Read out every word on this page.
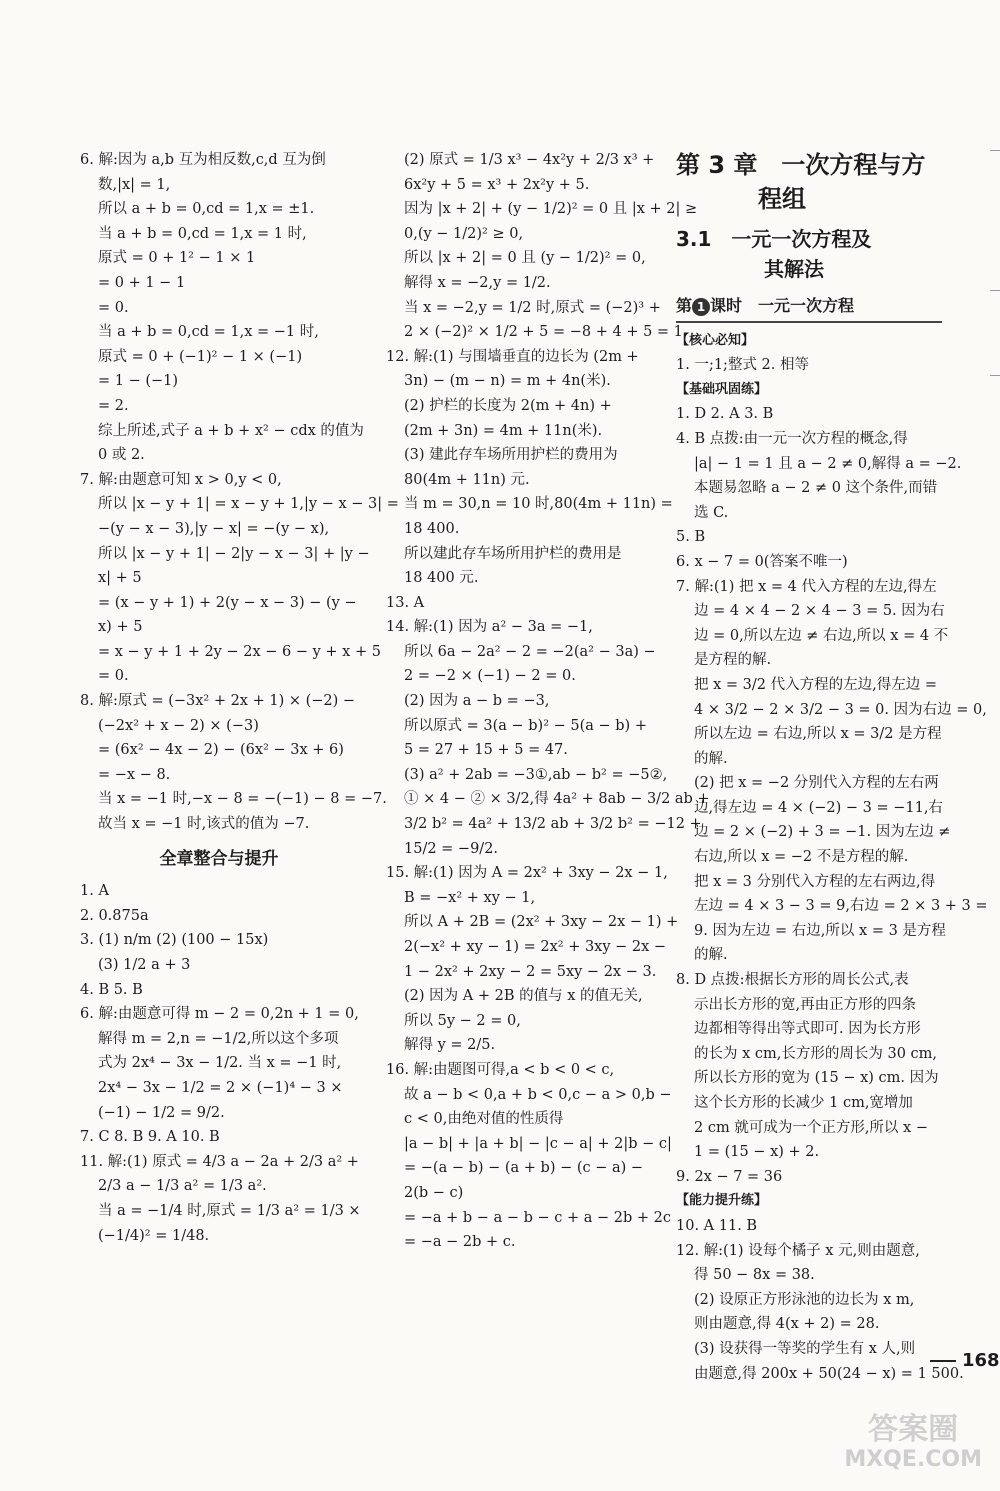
6. 解:因为 a,b 互为相反数,c,d 互为倒
数,|x| = 1,
所以 a + b = 0,cd = 1,x = ±1.
当 a + b = 0,cd = 1,x = 1 时,
原式 = 0 + 1² − 1 × 1
= 0 + 1 − 1
= 0.
当 a + b = 0,cd = 1,x = −1 时,
原式 = 0 + (−1)² − 1 × (−1)
= 1 − (−1)
= 2.
综上所述,式子 a + b + x² − cdx 的值为
0 或 2.
7. 解:由题意可知 x > 0,y < 0,
所以 |x − y + 1| = x − y + 1,|y − x − 3| =
−(y − x − 3),|y − x| = −(y − x),
所以 |x − y + 1| − 2|y − x − 3| + |y −
x| + 5
= (x − y + 1) + 2(y − x − 3) − (y −
x) + 5
= x − y + 1 + 2y − 2x − 6 − y + x + 5
= 0.
8. 解:原式 = (−3x² + 2x + 1) × (−2) −
(−2x² + x − 2) × (−3)
= (6x² − 4x − 2) − (6x² − 3x + 6)
= −x − 8.
当 x = −1 时,−x − 8 = −(−1) − 8 = −7.
故当 x = −1 时,该式的值为 −7.
全章整合与提升
1. A
2. 0.875a
3. (1) n/m (2) (100 − 15x)
(3) 1/2 a + 3
4. B 5. B
6. 解:由题意可得 m − 2 = 0,2n + 1 = 0,
解得 m = 2,n = −1/2,所以这个多项
式为 2x⁴ − 3x − 1/2. 当 x = −1 时,
2x⁴ − 3x − 1/2 = 2 × (−1)⁴ − 3 ×
(−1) − 1/2 = 9/2.
7. C 8. B 9. A 10. B
11. 解:(1) 原式 = 4/3 a − 2a + 2/3 a² +
2/3 a − 1/3 a² = 1/3 a².
当 a = −1/4 时,原式 = 1/3 a² = 1/3 ×
(−1/4)² = 1/48.
(2) 原式 = 1/3 x³ − 4x²y + 2/3 x³ +
6x²y + 5 = x³ + 2x²y + 5.
因为 |x + 2| + (y − 1/2)² = 0 且 |x + 2| ≥
0,(y − 1/2)² ≥ 0,
所以 |x + 2| = 0 且 (y − 1/2)² = 0,
解得 x = −2,y = 1/2.
当 x = −2,y = 1/2 时,原式 = (−2)³ +
2 × (−2)² × 1/2 + 5 = −8 + 4 + 5 = 1.
12. 解:(1) 与围墙垂直的边长为 (2m +
3n) − (m − n) = m + 4n(米).
(2) 护栏的长度为 2(m + 4n) +
(2m + 3n) = 4m + 11n(米).
(3) 建此存车场所用护栏的费用为
80(4m + 11n) 元.
当 m = 30,n = 10 时,80(4m + 11n) =
18 400.
所以建此存车场所用护栏的费用是
18 400 元.
13. A
14. 解:(1) 因为 a² − 3a = −1,
所以 6a − 2a² − 2 = −2(a² − 3a) −
2 = −2 × (−1) − 2 = 0.
(2) 因为 a − b = −3,
所以原式 = 3(a − b)² − 5(a − b) +
5 = 27 + 15 + 5 = 47.
(3) a² + 2ab = −3①,ab − b² = −5②,
① × 4 − ② × 3/2,得 4a² + 8ab − 3/2 ab +
3/2 b² = 4a² + 13/2 ab + 3/2 b² = −12 +
15/2 = −9/2.
15. 解:(1) 因为 A = 2x² + 3xy − 2x − 1,
B = −x² + xy − 1,
所以 A + 2B = (2x² + 3xy − 2x − 1) +
2(−x² + xy − 1) = 2x² + 3xy − 2x −
1 − 2x² + 2xy − 2 = 5xy − 2x − 3.
(2) 因为 A + 2B 的值与 x 的值无关,
所以 5y − 2 = 0,
解得 y = 2/5.
16. 解:由题图可得,a < b < 0 < c,
故 a − b < 0,a + b < 0,c − a > 0,b −
c < 0,由绝对值的性质得
|a − b| + |a + b| − |c − a| + 2|b − c|
= −(a − b) − (a + b) − (c − a) −
2(b − c)
= −a + b − a − b − c + a − 2b + 2c
= −a − 2b + c.
第 3 章　一次方程与方
程组
3.1　一元一次方程及
其解法
第 1 课时　一元一次方程
【核心必知】
1. 一;1;整式 2. 相等
【基础巩固练】
1. D 2. A 3. B
4. B 点拨:由一元一次方程的概念,得
|a| − 1 = 1 且 a − 2 ≠ 0,解得 a = −2.
本题易忽略 a − 2 ≠ 0 这个条件,而错
选 C.
5. B
6. x − 7 = 0(答案不唯一)
7. 解:(1) 把 x = 4 代入方程的左边,得左
边 = 4 × 4 − 2 × 4 − 3 = 5. 因为右
边 = 0,所以左边 ≠ 右边,所以 x = 4 不
是方程的解.
把 x = 3/2 代入方程的左边,得左边 =
4 × 3/2 − 2 × 3/2 − 3 = 0. 因为右边 = 0,
所以左边 = 右边,所以 x = 3/2 是方程
的解.
(2) 把 x = −2 分别代入方程的左右两
边,得左边 = 4 × (−2) − 3 = −11,右
边 = 2 × (−2) + 3 = −1. 因为左边 ≠
右边,所以 x = −2 不是方程的解.
把 x = 3 分别代入方程的左右两边,得
左边 = 4 × 3 − 3 = 9,右边 = 2 × 3 + 3 =
9. 因为左边 = 右边,所以 x = 3 是方程
的解.
8. D 点拨:根据长方形的周长公式,表
示出长方形的宽,再由正方形的四条
边都相等得出等式即可. 因为长方形
的长为 x cm,长方形的周长为 30 cm,
所以长方形的宽为 (15 − x) cm. 因为
这个长方形的长减少 1 cm,宽增加
2 cm 就可成为一个正方形,所以 x −
1 = (15 − x) + 2.
9. 2x − 7 = 36
【能力提升练】
10. A 11. B
12. 解:(1) 设每个橘子 x 元,则由题意,
得 50 − 8x = 38.
(2) 设原正方形泳池的边长为 x m,
则由题意,得 4(x + 2) = 28.
(3) 设获得一等奖的学生有 x 人,则
由题意,得 200x + 50(24 − x) = 1 500.
168
答案圈
MXQE.COM
